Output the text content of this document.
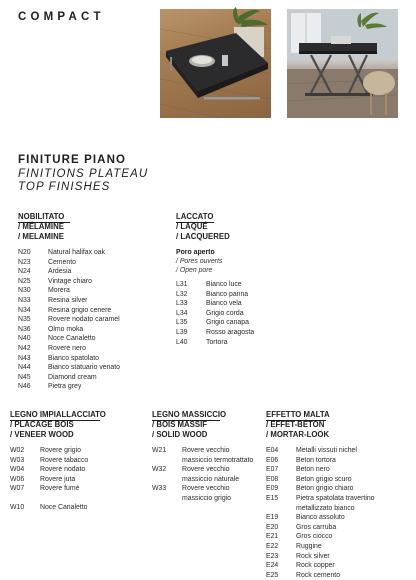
COMPACT
FINITURE PIANO
FINITIONS PLATEAU
TOP FINISHES
NOBILITATO
/ MÉLAMINE
/ MELAMINE
N20	Natural halifax oak
N23	Cemento
N24	Ardesia
N25	Vintage chiaro
N30	Morera
N33	Resina silver
N34	Resina grigio cenere
N35	Rovere nodato caramel
N36	Olmo moka
N40	Noce Canaletto
N42	Rovere nero
N43	Bianco spatolato
N44	Bianco statuario venato
N45	Diamond cream
N46	Pietra grey
LACCATO
/ LAQUÉ
/ LACQUERED
Poro aperto
/ Pores ouverts
/ Open pore
L31	Bianco luce
L32	Bianco panna
L33	Bianco vela
L34	Grigio corda
L35	Grigio canapa
L39	Rosso aragosta
L40	Tortora
LEGNO IMPIALLACCIATO
/ PLACAGE BOIS
/ VENEER WOOD
W02	Rovere grigio
W03	Rovere tabacco
W04	Rovere nodato
W06	Rovere juta
W07	Rovere fumé
W10	Noce Canaletto
LEGNO MASSICCIO
/ BOIS MASSIF
/ SOLID WOOD
W21	Rovere vecchio
massiccio termotrattato
W32	Rovere vecchio
massiccio naturale
W33	Rovere vecchio
massiccio grigio
EFFETTO MALTA
/ EFFET-BÉTON
/ MORTAR-LOOK
E04	Metalli vissuti nichel
E06	Beton tortora
E07	Beton nero
E08	Beton grigio scuro
E09	Beton grigio chiaro
E15	Pietra spatolata travertino
metallizzato bianco
E19	Bianco assoluto
E20	Gros carruba
E21	Gros ciocco
E22	Ruggine
E23	Rock silver
E24	Rock copper
E25	Rock cemento
